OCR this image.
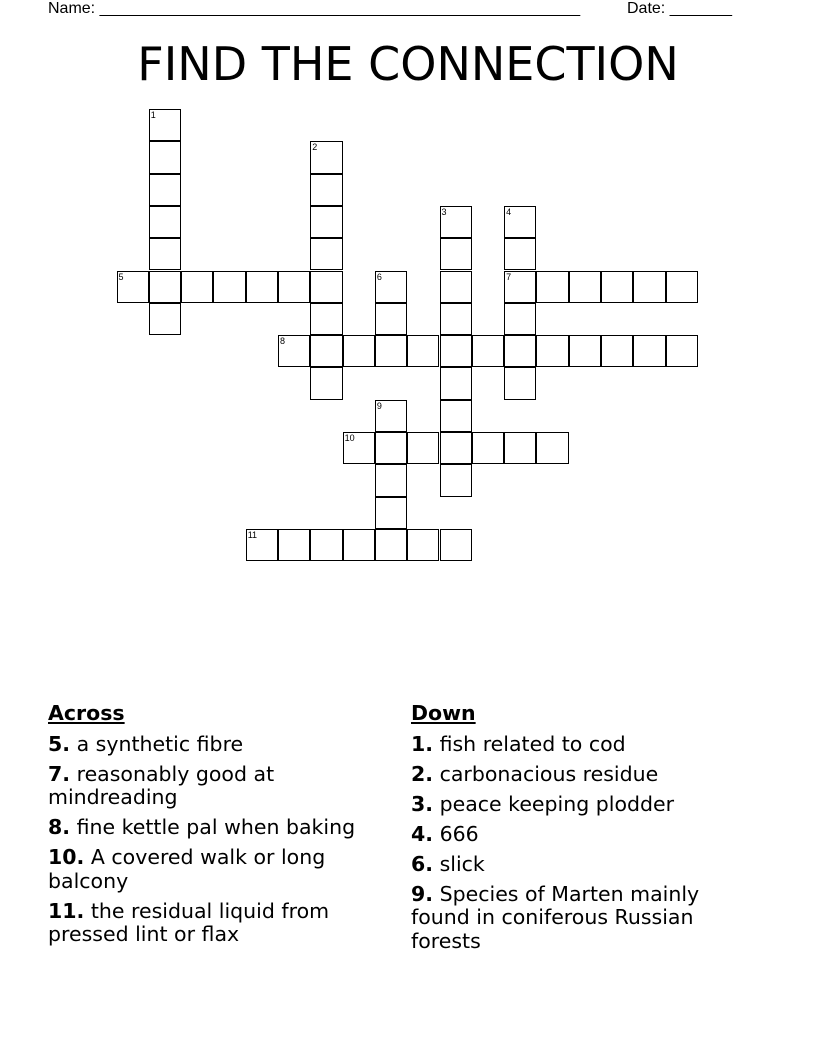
Name: ______________________________________________________	Date: _______
FIND THE CONNECTION
1
2
3	4
7
5	6
8
9
10
11
Across
5. a synthetic fibre
7. reasonably good at mindreading
8. fine kettle pal when baking
10. A covered walk or long balcony
11. the residual liquid from pressed lint or flax
Down
1. fish related to cod
2. carbonacious residue
3. peace keeping plodder
4. 666
6. slick
9. Species of Marten mainly found in coniferous Russian forests
